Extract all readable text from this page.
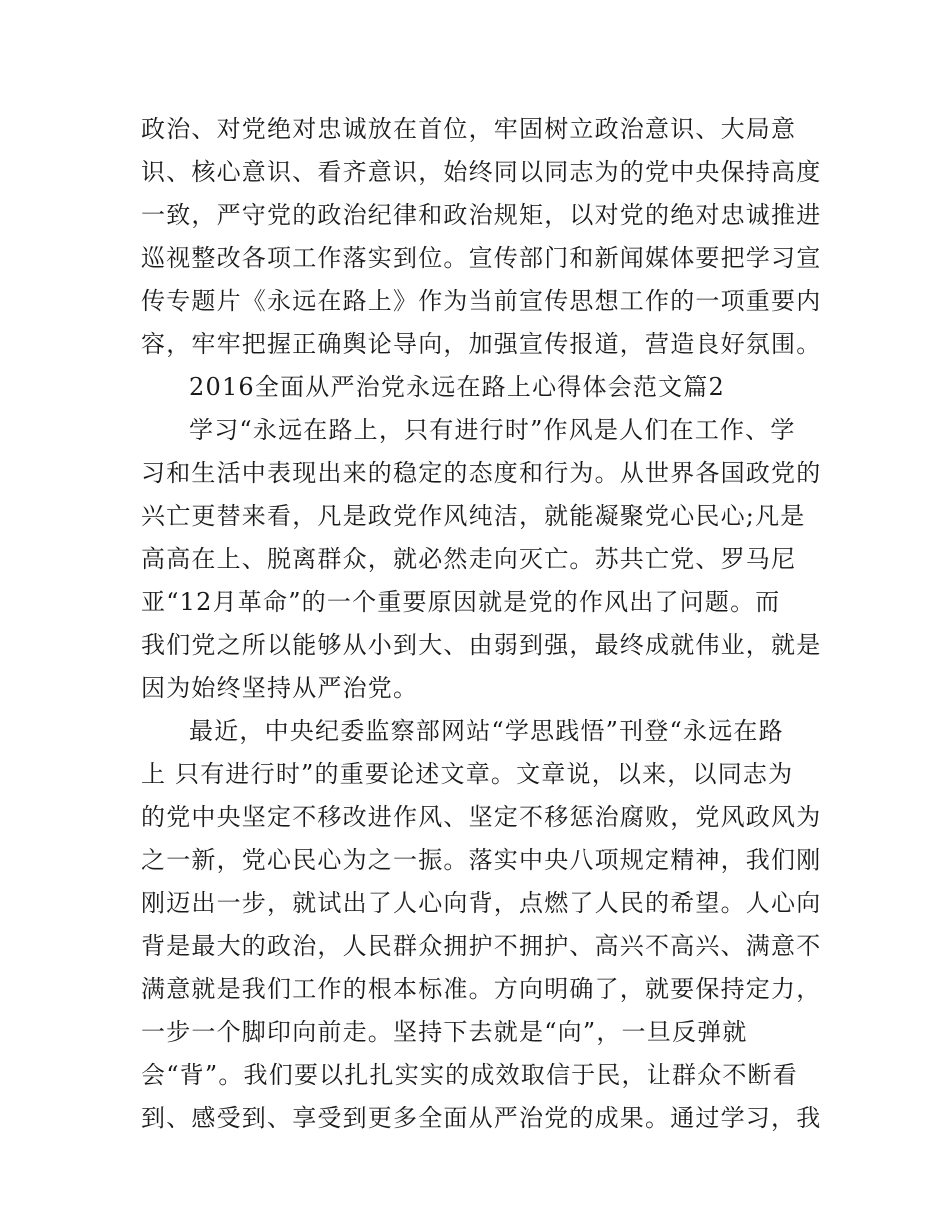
政治、对党绝对忠诚放在首位，牢固树立政治意识、大局意
识、核心意识、看齐意识，始终同以同志为的党中央保持高度
一致，严守党的政治纪律和政治规矩，以对党的绝对忠诚推进
巡视整改各项工作落实到位。宣传部门和新闻媒体要把学习宣
传专题片《永远在路上》作为当前宣传思想工作的一项重要内
容，牢牢把握正确舆论导向，加强宣传报道，营造良好氛围。
2016全面从严治党永远在路上心得体会范文篇2
学习“永远在路上，只有进行时”作风是人们在工作、学
习和生活中表现出来的稳定的态度和行为。从世界各国政党的
兴亡更替来看，凡是政党作风纯洁，就能凝聚党心民心;凡是
高高在上、脱离群众，就必然走向灭亡。苏共亡党、罗马尼
亚“12月革命”的一个重要原因就是党的作风出了问题。而
我们党之所以能够从小到大、由弱到强，最终成就伟业，就是
因为始终坚持从严治党。
最近，中央纪委监察部网站“学思践悟”刊登“永远在路
上 只有进行时”的重要论述文章。文章说，以来，以同志为
的党中央坚定不移改进作风、坚定不移惩治腐败，党风政风为
之一新，党心民心为之一振。落实中央八项规定精神，我们刚
刚迈出一步，就试出了人心向背，点燃了人民的希望。人心向
背是最大的政治，人民群众拥护不拥护、高兴不高兴、满意不
满意就是我们工作的根本标准。方向明确了，就要保持定力，
一步一个脚印向前走。坚持下去就是“向”，一旦反弹就
会“背”。我们要以扎扎实实的成效取信于民，让群众不断看
到、感受到、享受到更多全面从严治党的成果。通过学习，我
